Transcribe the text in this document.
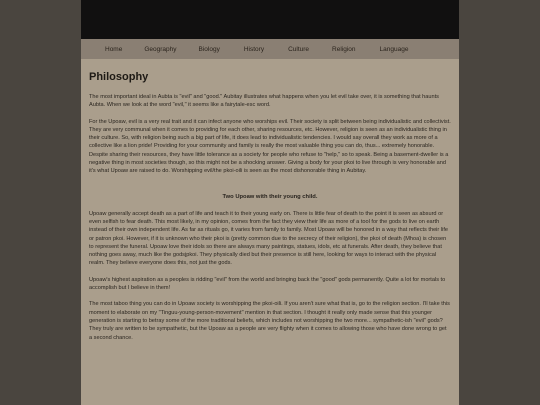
Home	Geography	Biology	History	Culture	Religion	Language
Philosophy

The most important ideal in Aubta is "evil" and "good." Aubitay illustrates what happens when you let evil take over, it is something that haunts Aubta. When we look at the word "evil," it seems like a fairytale-esc word.

For the Upoaw, evil is a very real trait and it can infect anyone who worships evil. Their society is split between being individualistic and collectivist. They are very communal when it comes to providing for each other, sharing resources, etc. However, religion is seen as an individualistic thing in their culture. So, with religion being such a big part of life, it does lead to individualistic tendencies. I would say overall they work as more of a collective like a lion pride! Providing for your community and family is really the most valuable thing you can do, thus... extremely honorable. Despite sharing their resources, they have little tolerance as a society for people who refuse to "help," so to speak. Being a basement-dweller is a negative thing in most societies though, so this might not be a shocking answer. Giving a body for your pkoi to live through is very honorable and it's what Upoaw are raised to do. Worshipping evil/the pkoi-oili is seen as the most dishonorable thing in Aubitay.

Two Upoaw with their young child.

Upoaw generally accept death as a part of life and teach it to their young early on. There is little fear of death to the point it is seen as absurd or even selfish to fear death. This most likely, in my opinion, comes from the fact they view their life as more of a tool for the gods to live on earth instead of their own independent life. As far as rituals go, it varies from family to family. Most Upoaw will be honored in a way that reflects their life or patron pkoi. However, if it is unknown who their pkoi is (pretty common due to the secrecy of their religion), the pkoi of death (Mhoa) is chosen to represent the funeral. Upoaw love their idols so there are always many paintings, statues, idols, etc at funerals. After death, they believe that nothing goes away, much like the godsjpkoi. They physically died but their presence is still here, looking for ways to interact with the physical realm. They believe everyone does this, not just the gods.

Upoaw's highest aspiration as a peoples is ridding "evil" from the world and bringing back the "good" gods permanently. Quite a lot for mortals to accomplish but I believe in them!

The most taboo thing you can do in Upoaw society is worshipping the pkoi-oili. If you aren't sure what that is, go to the religion section. I'll take this moment to elaborate on my "Tinguu-young-person-movement" mention in that section. I thought it really only made sense that this younger generation is starting to betray some of the more traditional beliefs, which includes not worshipping the two more... sympathetic-ish "evil" gods? They truly are written to be sympathetic, but the Upoaw as a people are very flighty when it comes to allowing those who have done wrong to get a second chance.
